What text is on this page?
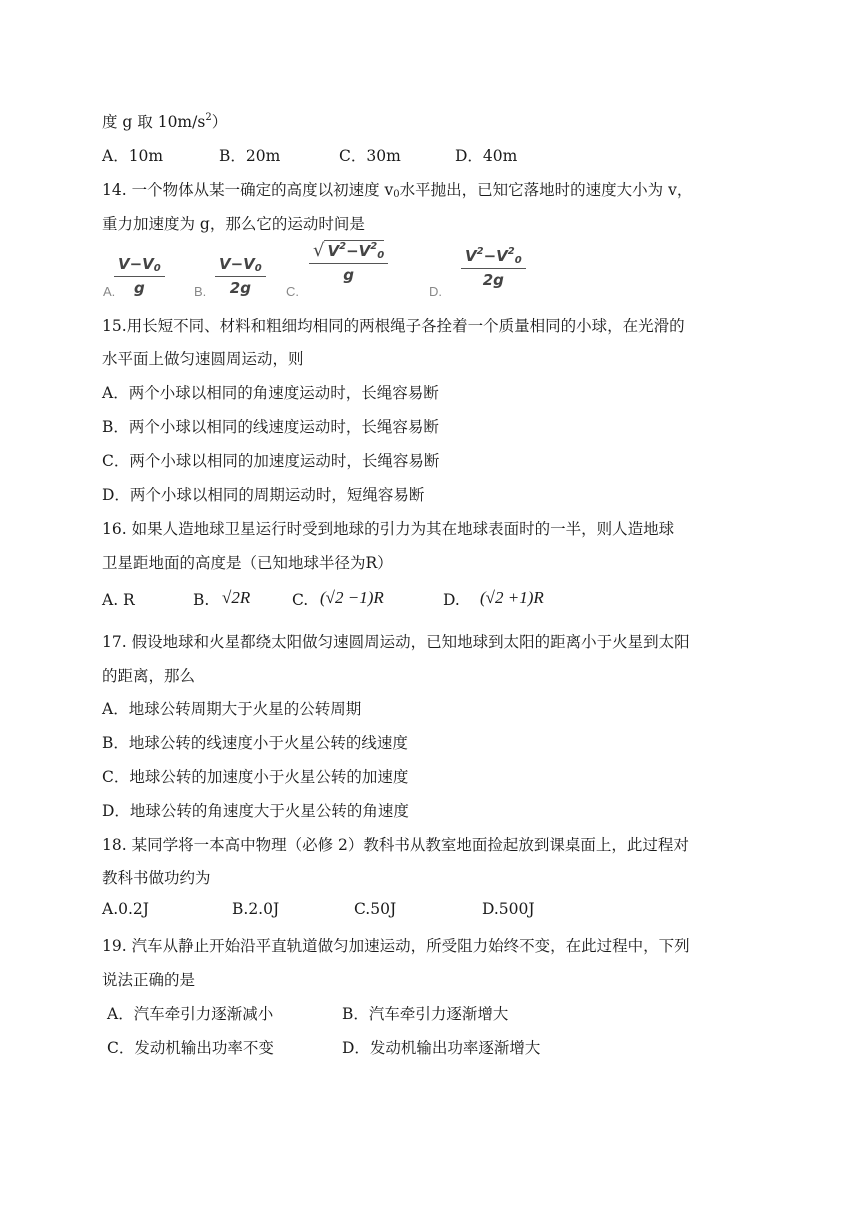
度 g 取 $10m/s^2$）
A．10m	B．20m	C．30m	D．40m
14. 一个物体从某一确定的高度以初速度 $v_0$水平抛出，已知它落地时的速度大小为 v，
重力加速度为 g，那么它的运动时间是
A.
$\frac{V-V_0}{g} B$. $\frac{V-V_0}{2g} C$.
$\frac{√ V^2-V^2_0}{g}$
D.
$\frac{V^2-V^2_0}{2g}$
15.用长短不同、材料和粗细均相同的两根绳子各拴着一个质量相同的小球，在光滑的
水平面上做匀速圆周运动，则
A．两个小球以相同的角速度运动时，长绳容易断
B．两个小球以相同的线速度运动时，长绳容易断
C．两个小球以相同的加速度运动时，长绳容易断
D．两个小球以相同的周期运动时，短绳容易断
16. 如果人造地球卫星运行时受到地球的引力为其在地球表面时的一半，则人造地球
卫星距地面的高度是（已知地球半径为R）
A. R	B. √2R	C. (√2 −1)R	D. (√2 +1)R
17. 假设地球和火星都绕太阳做匀速圆周运动，已知地球到太阳的距离小于火星到太阳
的距离，那么
A．地球公转周期大于火星的公转周期
B．地球公转的线速度小于火星公转的线速度
C．地球公转的加速度小于火星公转的加速度
D．地球公转的角速度大于火星公转的角速度
18. 某同学将一本高中物理（必修 2）教科书从教室地面捡起放到课桌面上，此过程对
教科书做功约为
A.0.2J	B.2.0J	C.50J	D.500J
19. 汽车从静止开始沿平直轨道做匀加速运动，所受阻力始终不变，在此过程中，下列
说法正确的是
A．汽车牵引力逐渐减小	B．汽车牵引力逐渐增大
C．发动机输出功率不变	D．发动机输出功率逐渐增大
